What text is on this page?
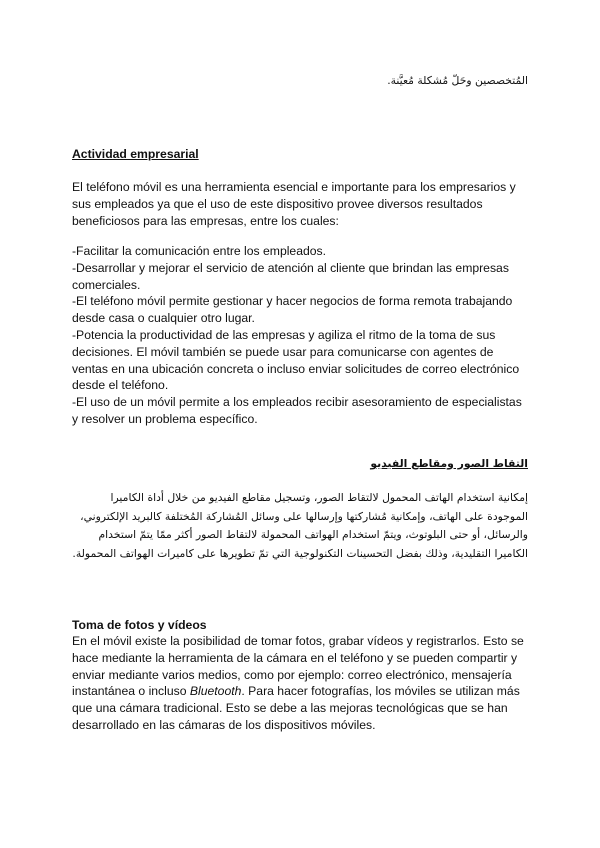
المُتخصصين وحَلّ مُشكلة مُعيَّنة.

Actividad empresarial

El teléfono móvil es una herramienta esencial e importante para los empresarios y sus empleados ya que el uso de este dispositivo provee diversos resultados beneficiosos para las empresas, entre los cuales:

-Facilitar la comunicación entre los empleados.

-Desarrollar y mejorar el servicio de atención al cliente que brindan las empresas comerciales.

-El teléfono móvil permite gestionar y hacer negocios de forma remota trabajando desde casa o cualquier otro lugar.

-Potencia la productividad de las empresas y agiliza el ritmo de la toma de sus decisiones. El móvil también se puede usar para comunicarse con agentes de ventas en una ubicación concreta o incluso enviar solicitudes de correo electrónico desde el teléfono.

-El uso de un móvil permite a los empleados recibir asesoramiento de especialistas y resolver un problema específico.

التقاط الصور ومقاطع الفيديو

إمكانية استخدام الهاتف المحمول لالتقاط الصور، وتسجيل مقاطع الفيديو من خلال أداة الكاميرا الموجودة على الهاتف، وإمكانية مُشاركتها وإرسالها على وسائل المُشاركة المُختلفة كالبريد الإلكتروني، والرسائل، أو حتى البلوتوث، ويتمّ استخدام الهواتف المحمولة لالتقاط الصور أكثر ممّا يتمّ استخدام الكاميرا التقليدية، وذلك بفضل التحسينات التكنولوجية التي تمّ تطويرها على كاميرات الهواتف المحمولة.

Toma de fotos y vídeos

En el móvil existe la posibilidad de tomar fotos, grabar vídeos y registrarlos. Esto se hace mediante la herramienta de la cámara en el teléfono y se pueden compartir y enviar mediante varios medios, como por ejemplo: correo electrónico, mensajería instantánea o incluso Bluetooth. Para hacer fotografías, los móviles se utilizan más que una cámara tradicional. Esto se debe a las mejoras tecnológicas que se han desarrollado en las cámaras de los dispositivos móviles.
